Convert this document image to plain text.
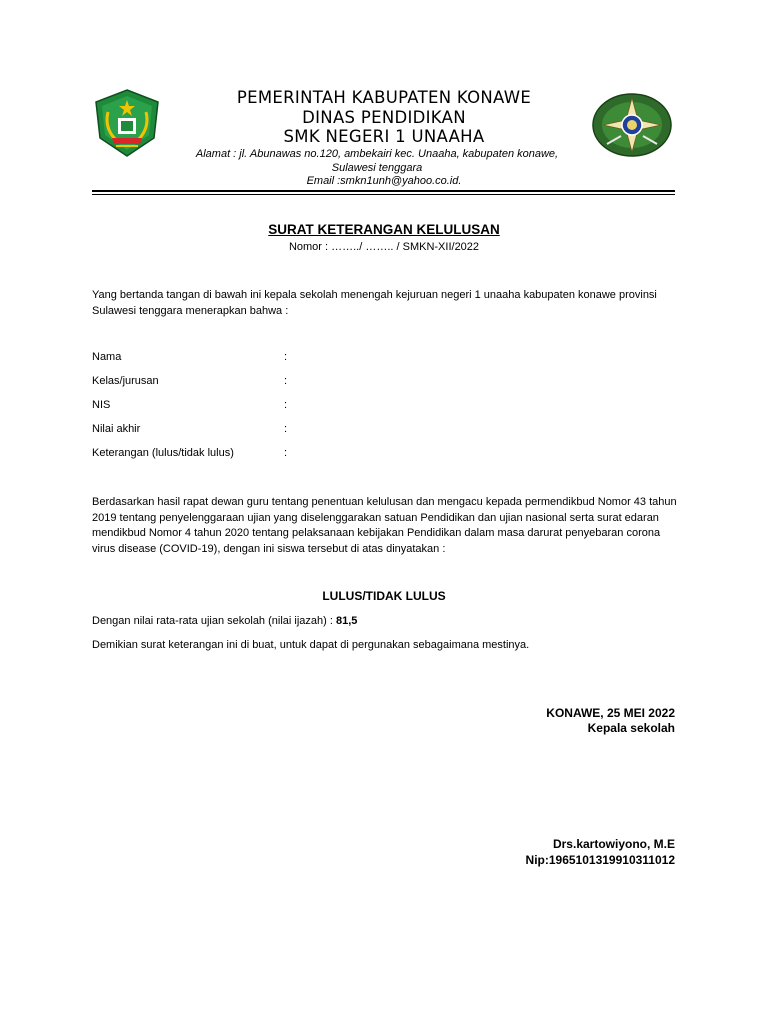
PEMERINTAH KABUPATEN KONAWE
DINAS PENDIDIKAN
SMK NEGERI 1 UNAAHA
Alamat : jl. Abunawas no.120, ambekairi kec. Unaaha, kabupaten konawe, Sulawesi tenggara
Email :smkn1unh@yahoo.co.id.
SURAT KETERANGAN KELULUSAN
Nomor : ……../ …….. / SMKN-XII/2022
Yang bertanda tangan di bawah ini kepala sekolah menengah kejuruan negeri 1 unaaha kabupaten konawe provinsi Sulawesi tenggara menerapkan bahwa :
Nama	:
Kelas/jurusan	:
NIS	:
Nilai akhir	:
Keterangan (lulus/tidak lulus)	:
Berdasarkan hasil rapat dewan guru tentang penentuan kelulusan dan mengacu kepada permendikbud Nomor 43 tahun 2019 tentang penyelenggaraan ujian yang diselenggarakan satuan Pendidikan dan ujian nasional serta surat edaran mendikbud Nomor 4 tahun 2020 tentang pelaksanaan kebijakan Pendidikan dalam masa darurat penyebaran corona virus disease (COVID-19), dengan ini siswa tersebut di atas dinyatakan :
LULUS/TIDAK LULUS
Dengan nilai rata-rata ujian sekolah (nilai ijazah) : 81,5
Demikian surat keterangan ini di buat, untuk dapat di pergunakan sebagaimana mestinya.
KONAWE, 25 MEI 2022
Kepala sekolah
Drs.kartowiyono, M.E
Nip:1965101319910311012
